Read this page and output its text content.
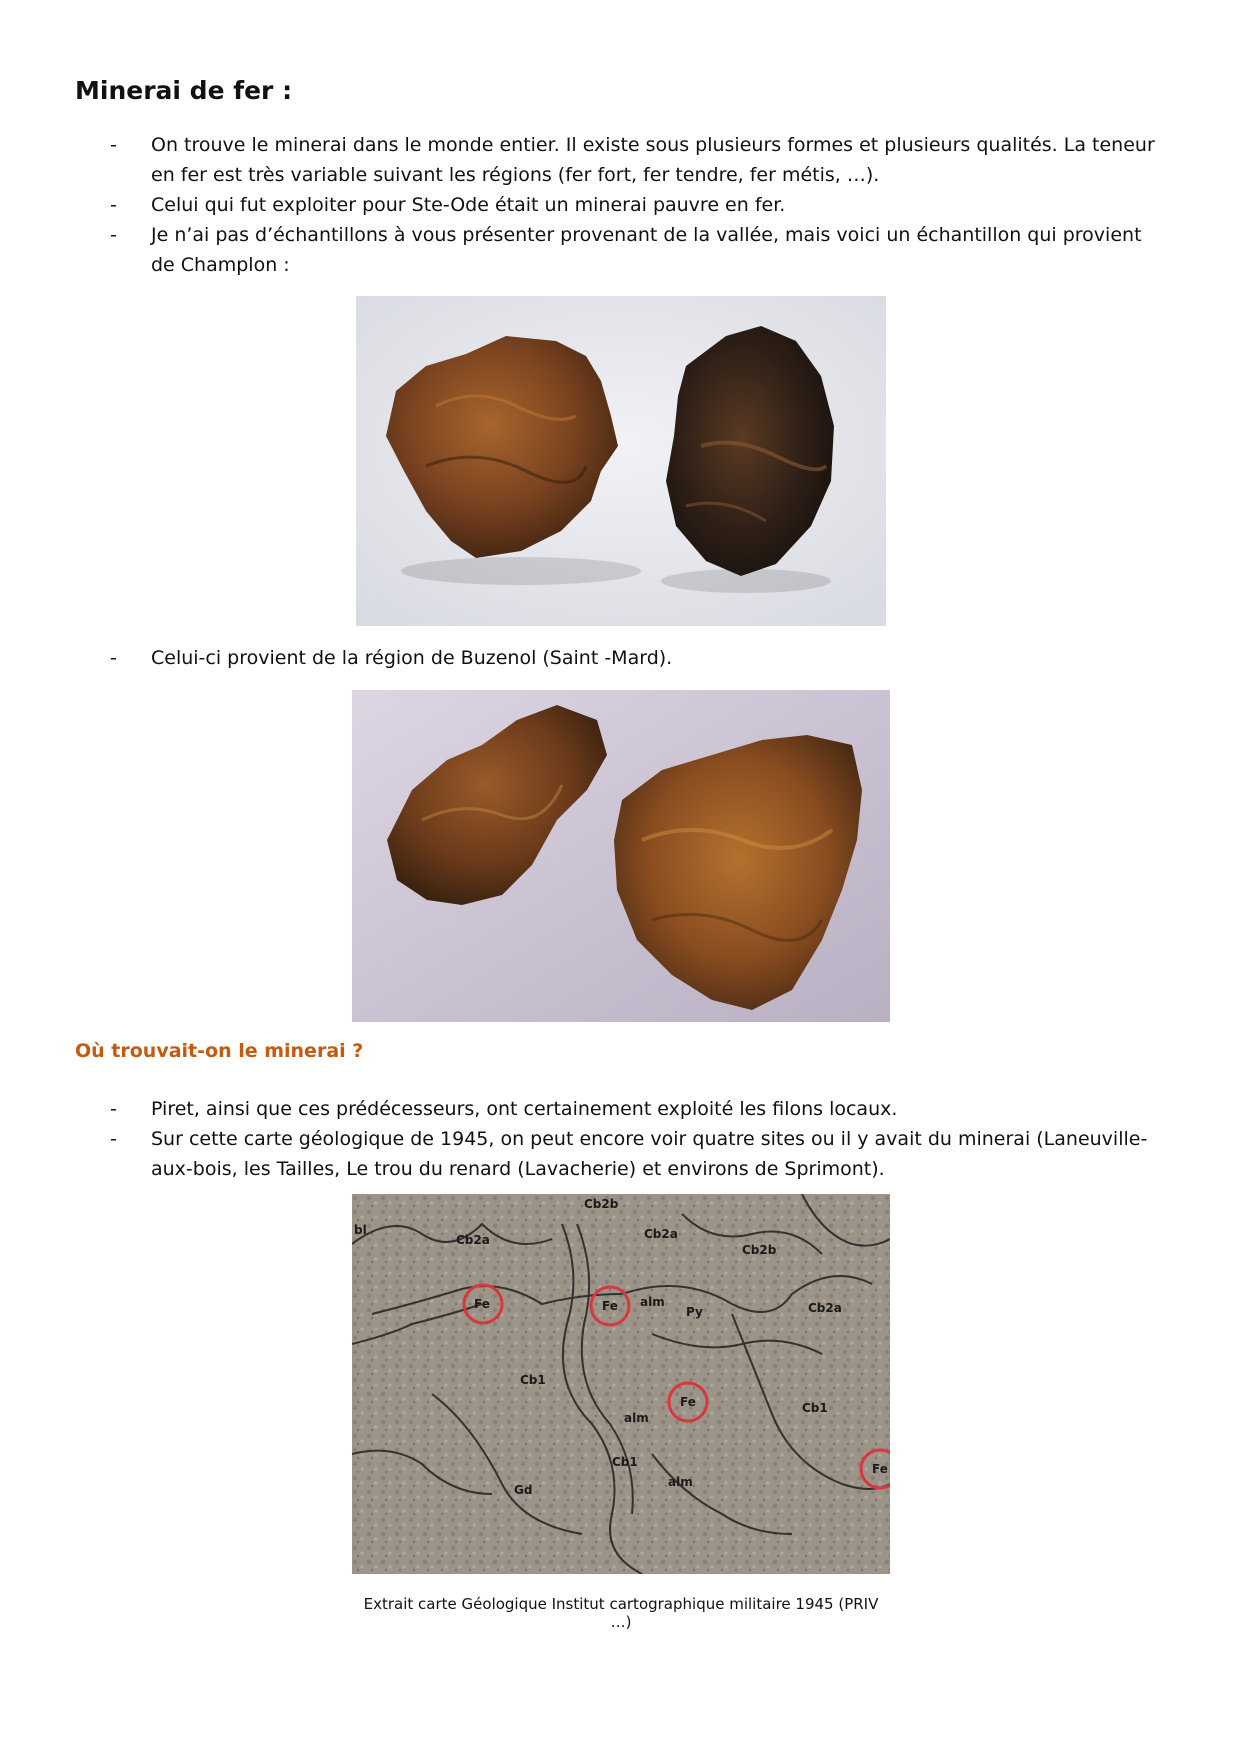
Minerai de fer :
- On trouve le minerai dans le monde entier. Il existe sous plusieurs formes et plusieurs qualités. La teneur en fer est très variable suivant les régions (fer fort, fer tendre, fer métis, …).
- Celui qui fut exploiter pour Ste-Ode était un minerai pauvre en fer.
- Je n’ai pas d’échantillons à vous présenter provenant de la vallée, mais voici un échantillon qui provient de Champlon :
- Celui-ci provient de la région de Buzenol (Saint -Mard).
Où trouvait-on le minerai ?
- Piret, ainsi que ces prédécesseurs, ont certainement exploité les filons locaux.
- Sur cette carte géologique de 1945, on peut encore voir quatre sites ou il y avait du minerai (Laneuville-aux-bois, les Tailles, Le trou du renard (Lavacherie) et environs de Sprimont).
Cb2b
Cb2a	Cb2a
Cb2b
Cb2a
Cb1
Cb1
Cb1
alm
alm
alm
Gd
bl
Py
Fe	Fe
Fe
Fe
Extrait carte Géologique Institut cartographique militaire 1945 (PRIV …)
